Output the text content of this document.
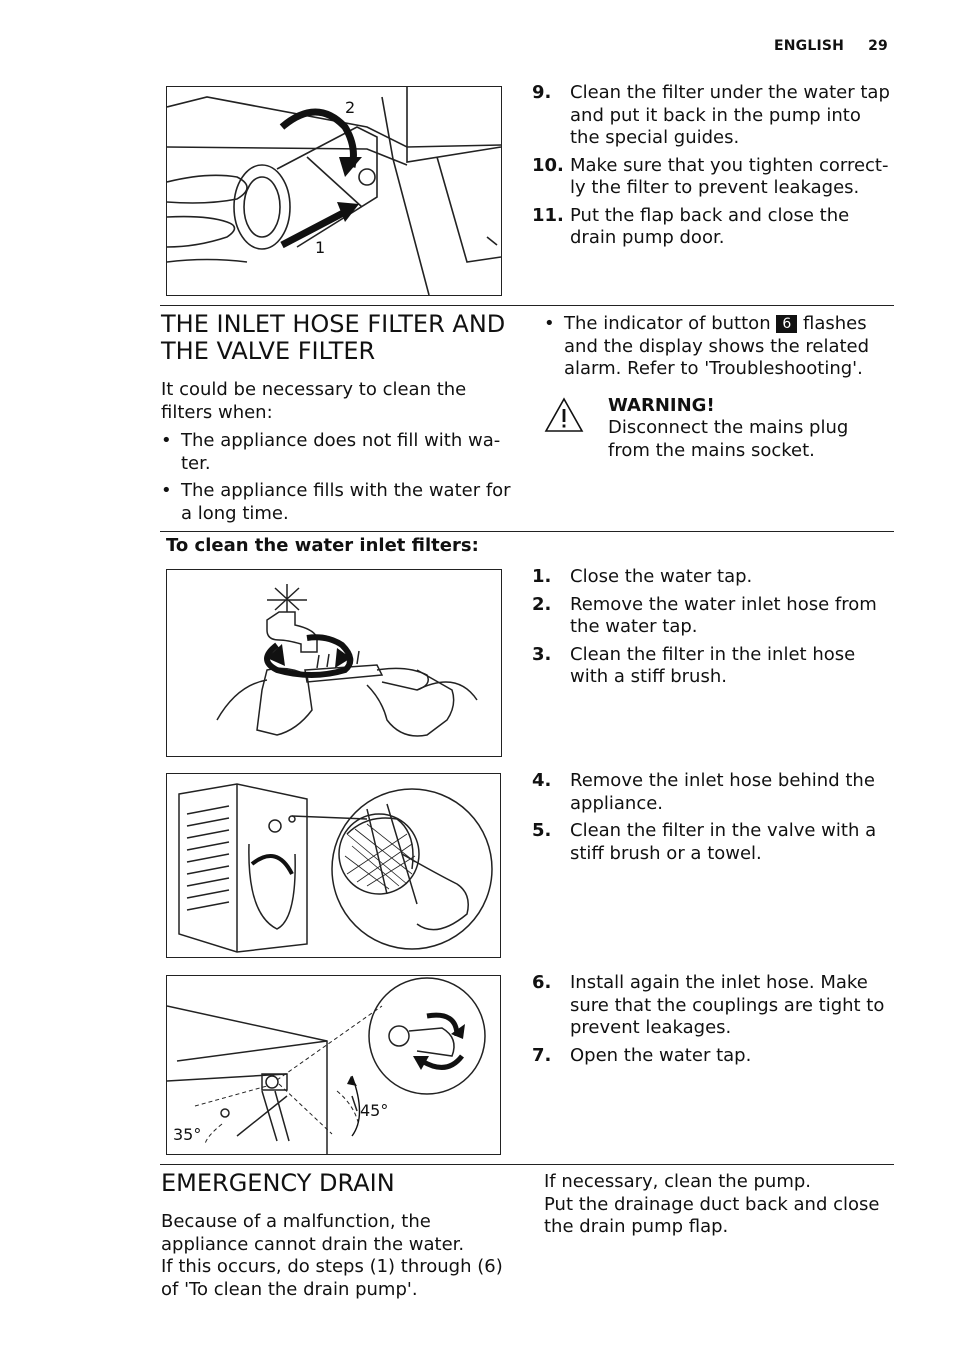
ENGLISH 29
2
1
9. Clean the filter under the water tap and put it back in the pump into the special guides.
10. Make sure that you tighten correct-ly the filter to prevent leakages.
11. Put the flap back and close the drain pump door.
THE INLET HOSE FILTER AND
THE VALVE FILTER
It could be necessary to clean the filters when:
• The appliance does not fill with wa-ter.
• The appliance fills with the water for a long time.
• The indicator of button 6 flashes and the display shows the related alarm. Refer to 'Troubleshooting'.
WARNING!
Disconnect the mains plug from the mains socket.
To clean the water inlet filters:
1. Close the water tap.
2. Remove the water inlet hose from the water tap.
3. Clean the filter in the inlet hose with a stiff brush.
4. Remove the inlet hose behind the appliance.
5. Clean the filter in the valve with a stiff brush or a towel.
35°
45°
6. Install again the inlet hose. Make sure that the couplings are tight to prevent leakages.
7. Open the water tap.
EMERGENCY DRAIN
Because of a malfunction, the appliance cannot drain the water.
If this occurs, do steps (1) through (6) of 'To clean the drain pump'.
If necessary, clean the pump.
Put the drainage duct back and close the drain pump flap.
